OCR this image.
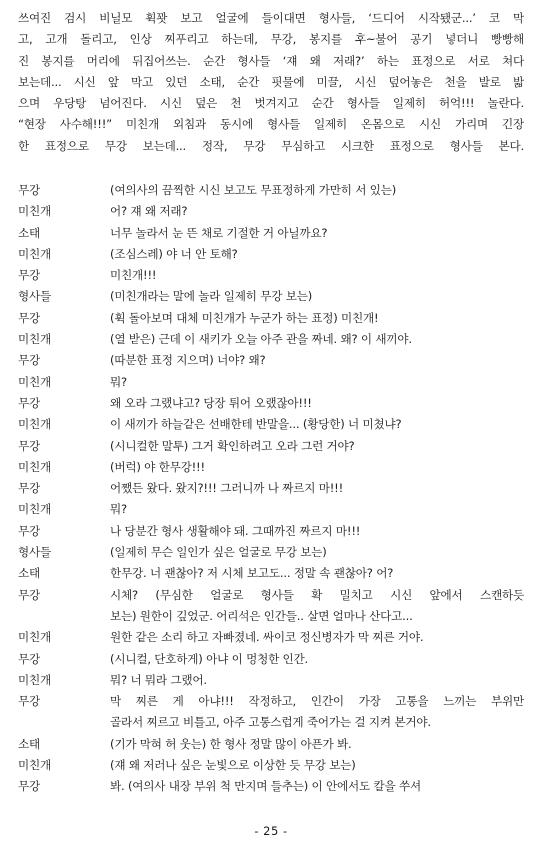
쓰여진 검시 비닐모 휙꽛 보고 얼굴에 들이대면 형사들, ‘드디어 시작됐군...’ 코 막
고, 고개 돌리고, 인상 찌푸리고 하는데, 무강, 봉지를 후~불어 공기 넣더니 빵빵해
진 봉지를 머리에 뒤집어쓰는. 순간 형사들 ‘쟤 왜 저래?’ 하는 표정으로 서로 쳐다
보는데... 시신 앞 막고 있던 소태, 순간 핏물에 미끌, 시신 덮어놓은 천을 발로 밟
으며 우당탕 넘어진다. 시신 덮은 천 벗겨지고 순간 형사들 일제히 허억!!! 놀란다.
“현장 사수해!!!” 미친개 외침과 동시에 형사들 일제히 온몸으로 시신 가리며 긴장
한 표정으로 무강 보는데... 정작, 무강 무심하고 시크한 표정으로 형사들 본다.
무강	(여의사의 끔찍한 시신 보고도 무표정하게 가만히 서 있는)
미친개	어? 쟤 왜 저래?
소태	너무 놀라서 눈 뜬 채로 기절한 거 아닐까요?
미친개	(조심스레) 야 너 안 토해?
무강	미친개!!!
형사들	(미친개라는 말에 놀라 일제히 무강 보는)
무강	(휙 돌아보며 대체 미친개가 누군가 하는 표정) 미친개!
미친개	(열 받은) 근데 이 새키가 오늘 아주 관을 짜네. 왜? 이 새끼야.
무강	(따분한 표정 지으며) 너야? 왜?
미친개	뭐?
무강	왜 오라 그랬냐고? 당장 튀어 오랬잖아!!!
미친개	이 새끼가 하늘같은 선배한테 반말을... (황당한) 너 미쳤냐?
무강	(시니컬한 말투) 그거 확인하려고 오라 그런 거야?
미친개	(버럭) 야 한무강!!!
무강	어쨌든 왔다. 왔지?!!! 그러니까 나 짜르지 마!!!
미친개	뭐?
무강	나 당분간 형사 생활해야 돼. 그때까진 짜르지 마!!!
형사들	(일제히 무슨 일인가 싶은 얼굴로 무강 보는)
소태	한무강. 너 괜찮아? 저 시체 보고도... 정말 속 괜찮아? 어?
무강	시체? (무심한 얼굴로 형사들 확 밀치고 시신 앞에서 스캔하듯
보는) 원한이 깊었군. 어리석은 인간들.. 살면 얼마나 산다고...
미친개	원한 같은 소리 하고 자빠졌네. 싸이코 정신병자가 막 찌른 거야.
무강	(시니컬, 단호하게) 아냐 이 멍청한 인간.
미친개	뭐? 너 뭐라 그랬어.
무강	막 찌른 게 아냐!!! 작정하고, 인간이 가장 고통을 느끼는 부위만
골라서 찌르고 비틀고, 아주 고통스럽게 죽어가는 걸 지켜 본거야.
소태	(기가 막혀 허 웃는) 한 형사 정말 많이 아픈가 봐.
미친개	(쟤 왜 저러나 싶은 눈빛으로 이상한 듯 무강 보는)
무강	봐. (여의사 내장 부위 척 만지며 들추는) 이 안에서도 칼을 쑤셔
- 25 -
